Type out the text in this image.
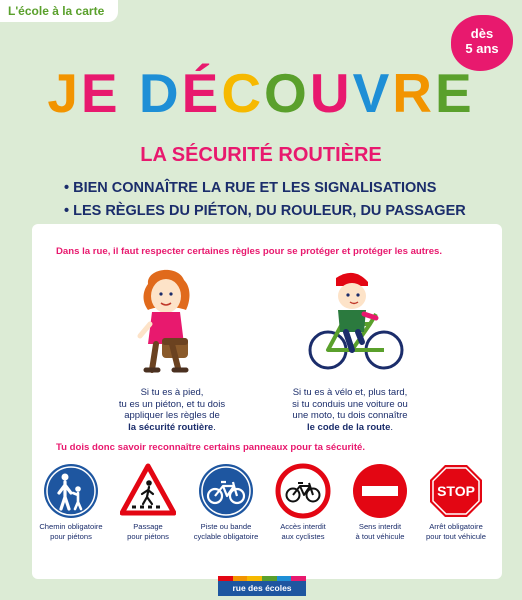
L'école à la carte
dès
5 ans
JE DÉCOUVRE
LA SÉCURITÉ ROUTIÈRE
• BIEN CONNAÎTRE LA RUE ET LES SIGNALISATIONS
• LES RÈGLES DU PIÉTON, DU ROULEUR, DU PASSAGER
Dans la rue, il faut respecter certaines règles pour se protéger et protéger les autres.
Si tu es à pied,
tu es un piéton, et tu dois
appliquer les règles de
la sécurité routière.
Si tu es à vélo et, plus tard,
si tu conduis une voiture ou
une moto, tu dois connaître
le code de la route.
Tu dois donc savoir reconnaître certains panneaux pour ta sécurité.
STOP
Chemin obligatoire
pour piétons
Passage
pour piétons
Piste ou bande
cyclable obligatoire
Accès interdit
aux cyclistes
Sens interdit
à tout véhicule
Arrêt obligatoire
pour tout véhicule
rue des écoles
